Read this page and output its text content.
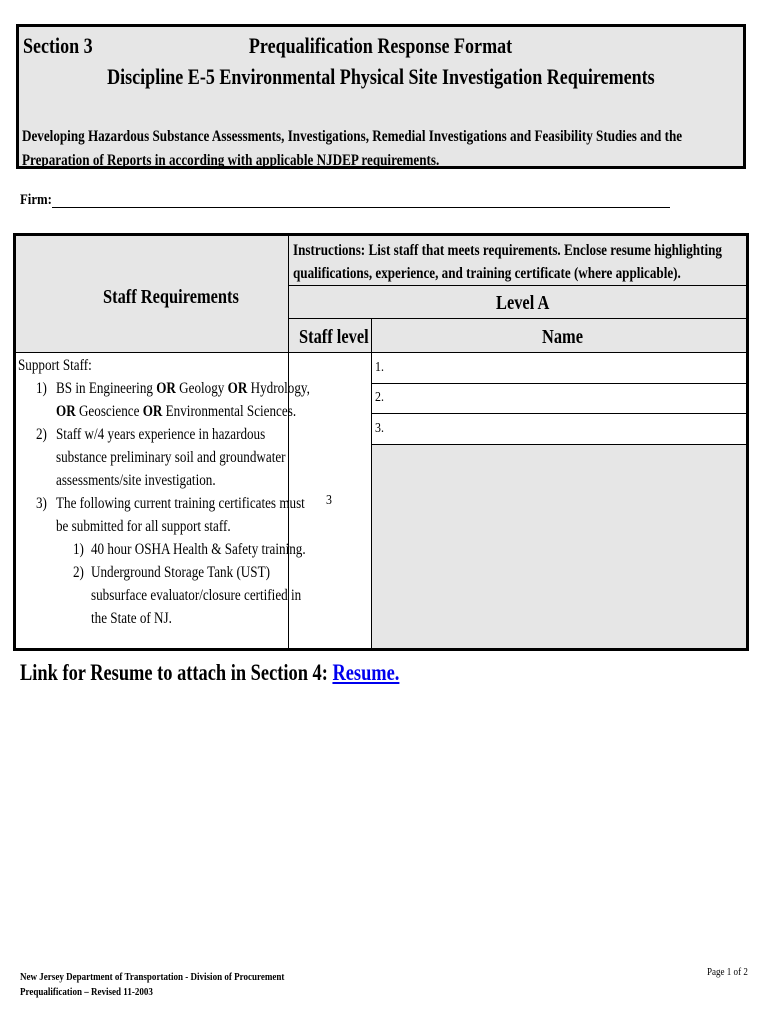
Section 3	Prequalification Response Format
Discipline E-5 Environmental Physical Site Investigation Requirements
Developing Hazardous Substance Assessments, Investigations, Remedial Investigations and Feasibility Studies and the Preparation of Reports in according with applicable NJDEP requirements.
Firm:
Staff Requirements
Instructions: List staff that meets requirements. Enclose resume highlighting qualifications, experience, and training certificate (where applicable).
Level A
Staff level	Name
Support Staff:
1) BS in Engineering OR Geology OR Hydrology,
OR Geoscience OR Environmental Sciences.
2) Staff w/4 years experience in hazardous
substance preliminary soil and groundwater
assessments/site investigation.
3) The following current training certificates must
be submitted for all support staff.
1) 40 hour OSHA Health & Safety training.
2) Underground Storage Tank (UST)
subsurface evaluator/closure certified in
the State of NJ.
3
1.
2.
3.
Link for Resume to attach in Section 4: Resume.
New Jersey Department of Transportation - Division of Procurement
Prequalification – Revised 11-2003
Page 1 of 2
